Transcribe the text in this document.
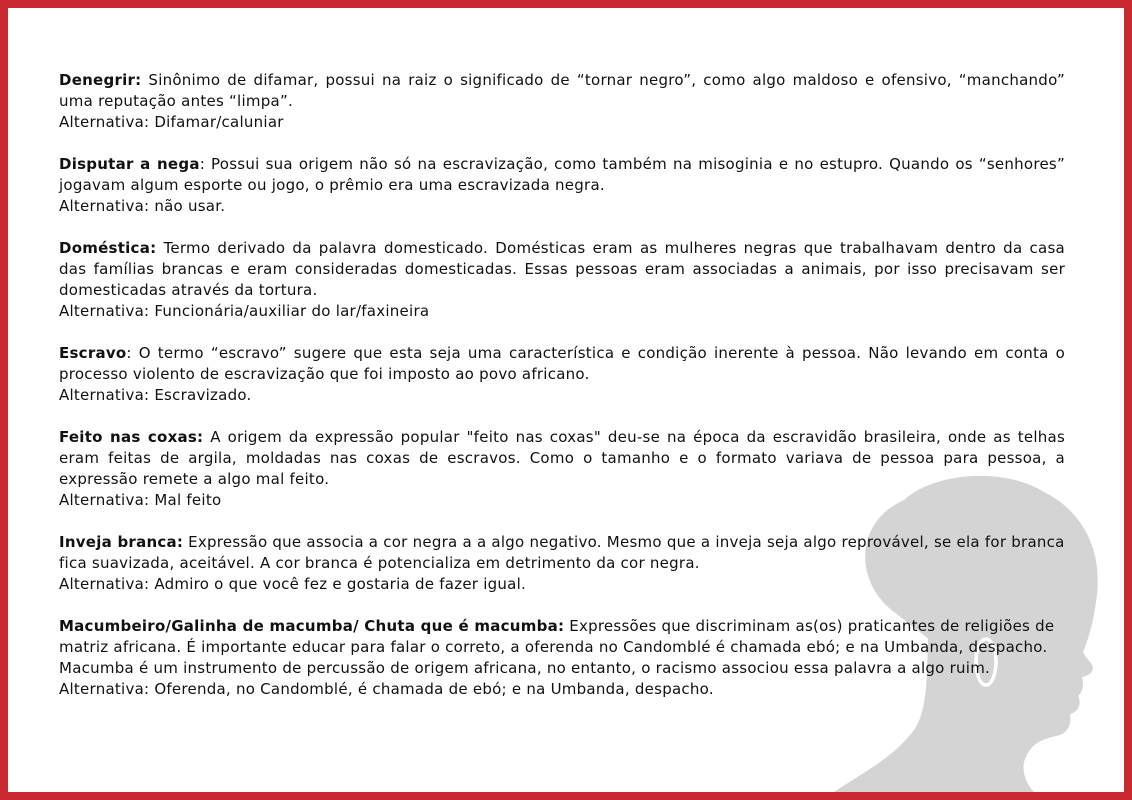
Denegrir: Sinônimo de difamar, possui na raiz o significado de “tornar negro”, como algo maldoso e ofensivo, “manchando” uma reputação antes “limpa”.

Alternativa: Difamar/caluniar

Disputar a nega: Possui sua origem não só na escravização, como também na misoginia e no estupro. Quando os “senhores” jogavam algum esporte ou jogo, o prêmio era uma escravizada negra.

Alternativa: não usar.

Doméstica: Termo derivado da palavra domesticado. Domésticas eram as mulheres negras que trabalhavam dentro da casa das famílias brancas e eram consideradas domesticadas. Essas pessoas eram associadas a animais, por isso precisavam ser domesticadas através da tortura.

Alternativa: Funcionária/auxiliar do lar/faxineira

Escravo: O termo “escravo” sugere que esta seja uma característica e condição inerente à pessoa. Não levando em conta o processo violento de escravização que foi imposto ao povo africano.

Alternativa: Escravizado.

Feito nas coxas: A origem da expressão popular "feito nas coxas" deu-se na época da escravidão brasileira, onde as telhas eram feitas de argila, moldadas nas coxas de escravos. Como o tamanho e o formato variava de pessoa para pessoa, a expressão remete a algo mal feito.

Alternativa: Mal feito

Inveja branca: Expressão que associa a cor negra a a algo negativo. Mesmo que a inveja seja algo reprovável, se ela for branca fica suavizada, aceitável. A cor branca é potencializa em detrimento da cor negra.

Alternativa: Admiro o que você fez e gostaria de fazer igual.

Macumbeiro/Galinha de macumba/ Chuta que é macumba: Expressões que discriminam as(os) praticantes de religiões de matriz africana. É importante educar para falar o correto, a oferenda no Candomblé é chamada ebó; e na Umbanda, despacho. Macumba é um instrumento de percussão de origem africana, no entanto, o racismo associou essa palavra a algo ruim.

Alternativa: Oferenda, no Candomblé, é chamada de ebó; e na Umbanda, despacho.
